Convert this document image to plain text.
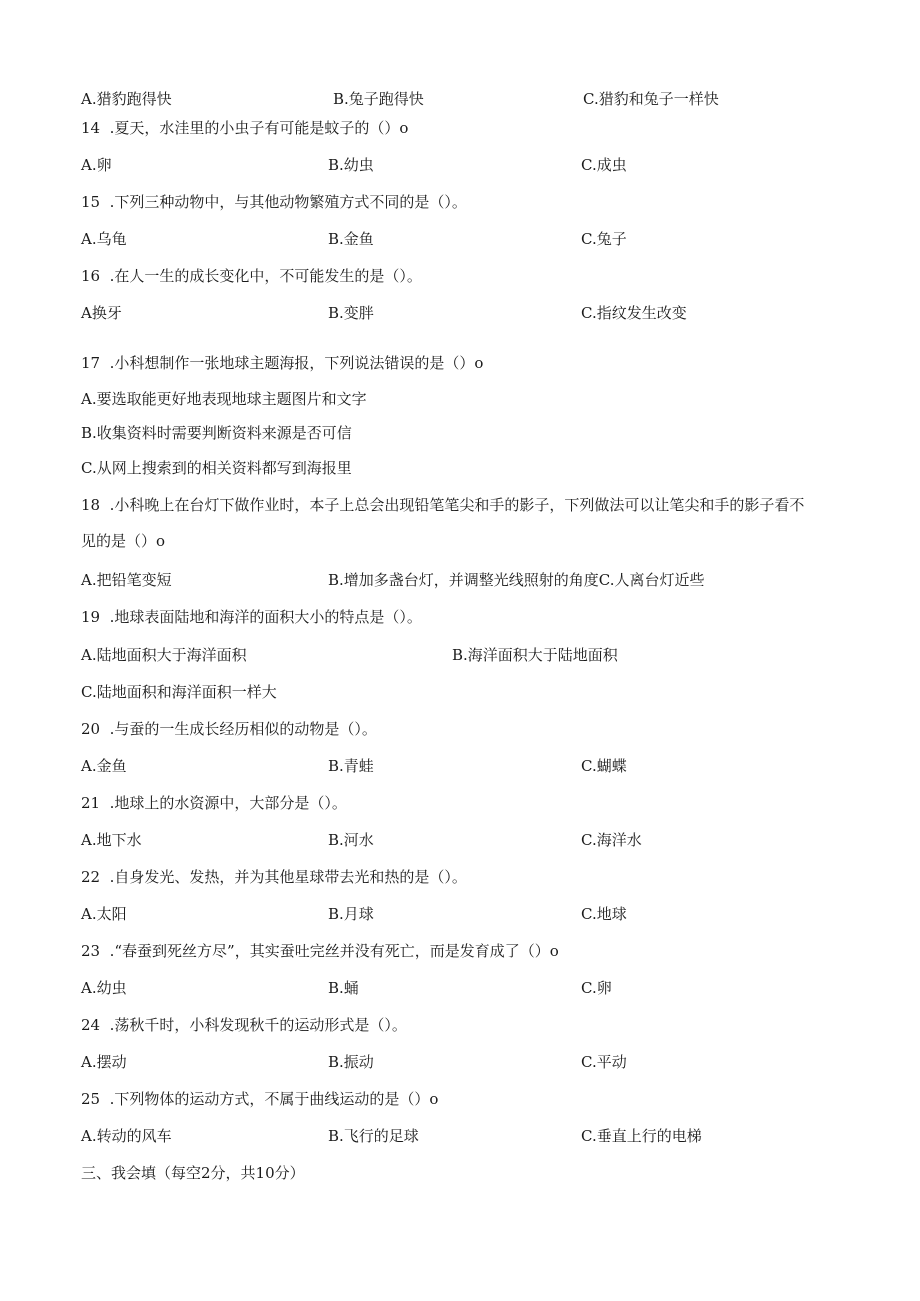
A.猎豹跑得快	B.兔子跑得快	C.猎豹和兔子一样快
14  .夏天，水洼里的小虫子有可能是蚊子的（）o
A.卵	B.幼虫	C.成虫
15  .下列三种动物中，与其他动物繁殖方式不同的是（）。
A.乌龟	B.金鱼	C.兔子
16  .在人一生的成长变化中，不可能发生的是（）。
A换牙	B.变胖	C.指纹发生改变
17  .小科想制作一张地球主题海报，下列说法错误的是（）o
A.要选取能更好地表现地球主题图片和文字
B.收集资料时需要判断资料来源是否可信
C.从网上搜索到的相关资料都写到海报里
18  .小科晚上在台灯下做作业时，本子上总会出现铅笔笔尖和手的影子，下列做法可以让笔尖和手的影子看不
见的是（）o
A.把铅笔变短	B.增加多盏台灯，并调整光线照射的角度C.人离台灯近些
19  .地球表面陆地和海洋的面积大小的特点是（）。
A.陆地面积大于海洋面积	B.海洋面积大于陆地面积
C.陆地面积和海洋面积一样大
20  .与蚕的一生成长经历相似的动物是（）。
A.金鱼	B.青蛙	C.蝴蝶
21  .地球上的水资源中，大部分是（）。
A.地下水	B.河水	C.海洋水
22  .自身发光、发热，并为其他星球带去光和热的是（）。
A.太阳	B.月球	C.地球
23  .“春蚕到死丝方尽”，其实蚕吐完丝并没有死亡，而是发育成了（）o
A.幼虫	B.蛹	C.卵
24  .荡秋千时，小科发现秋千的运动形式是（）。
A.摆动	B.振动	C.平动
25  .下列物体的运动方式，不属于曲线运动的是（）o
A.转动的风车	B.飞行的足球	C.垂直上行的电梯
三、我会填（每空2分，共10分）
